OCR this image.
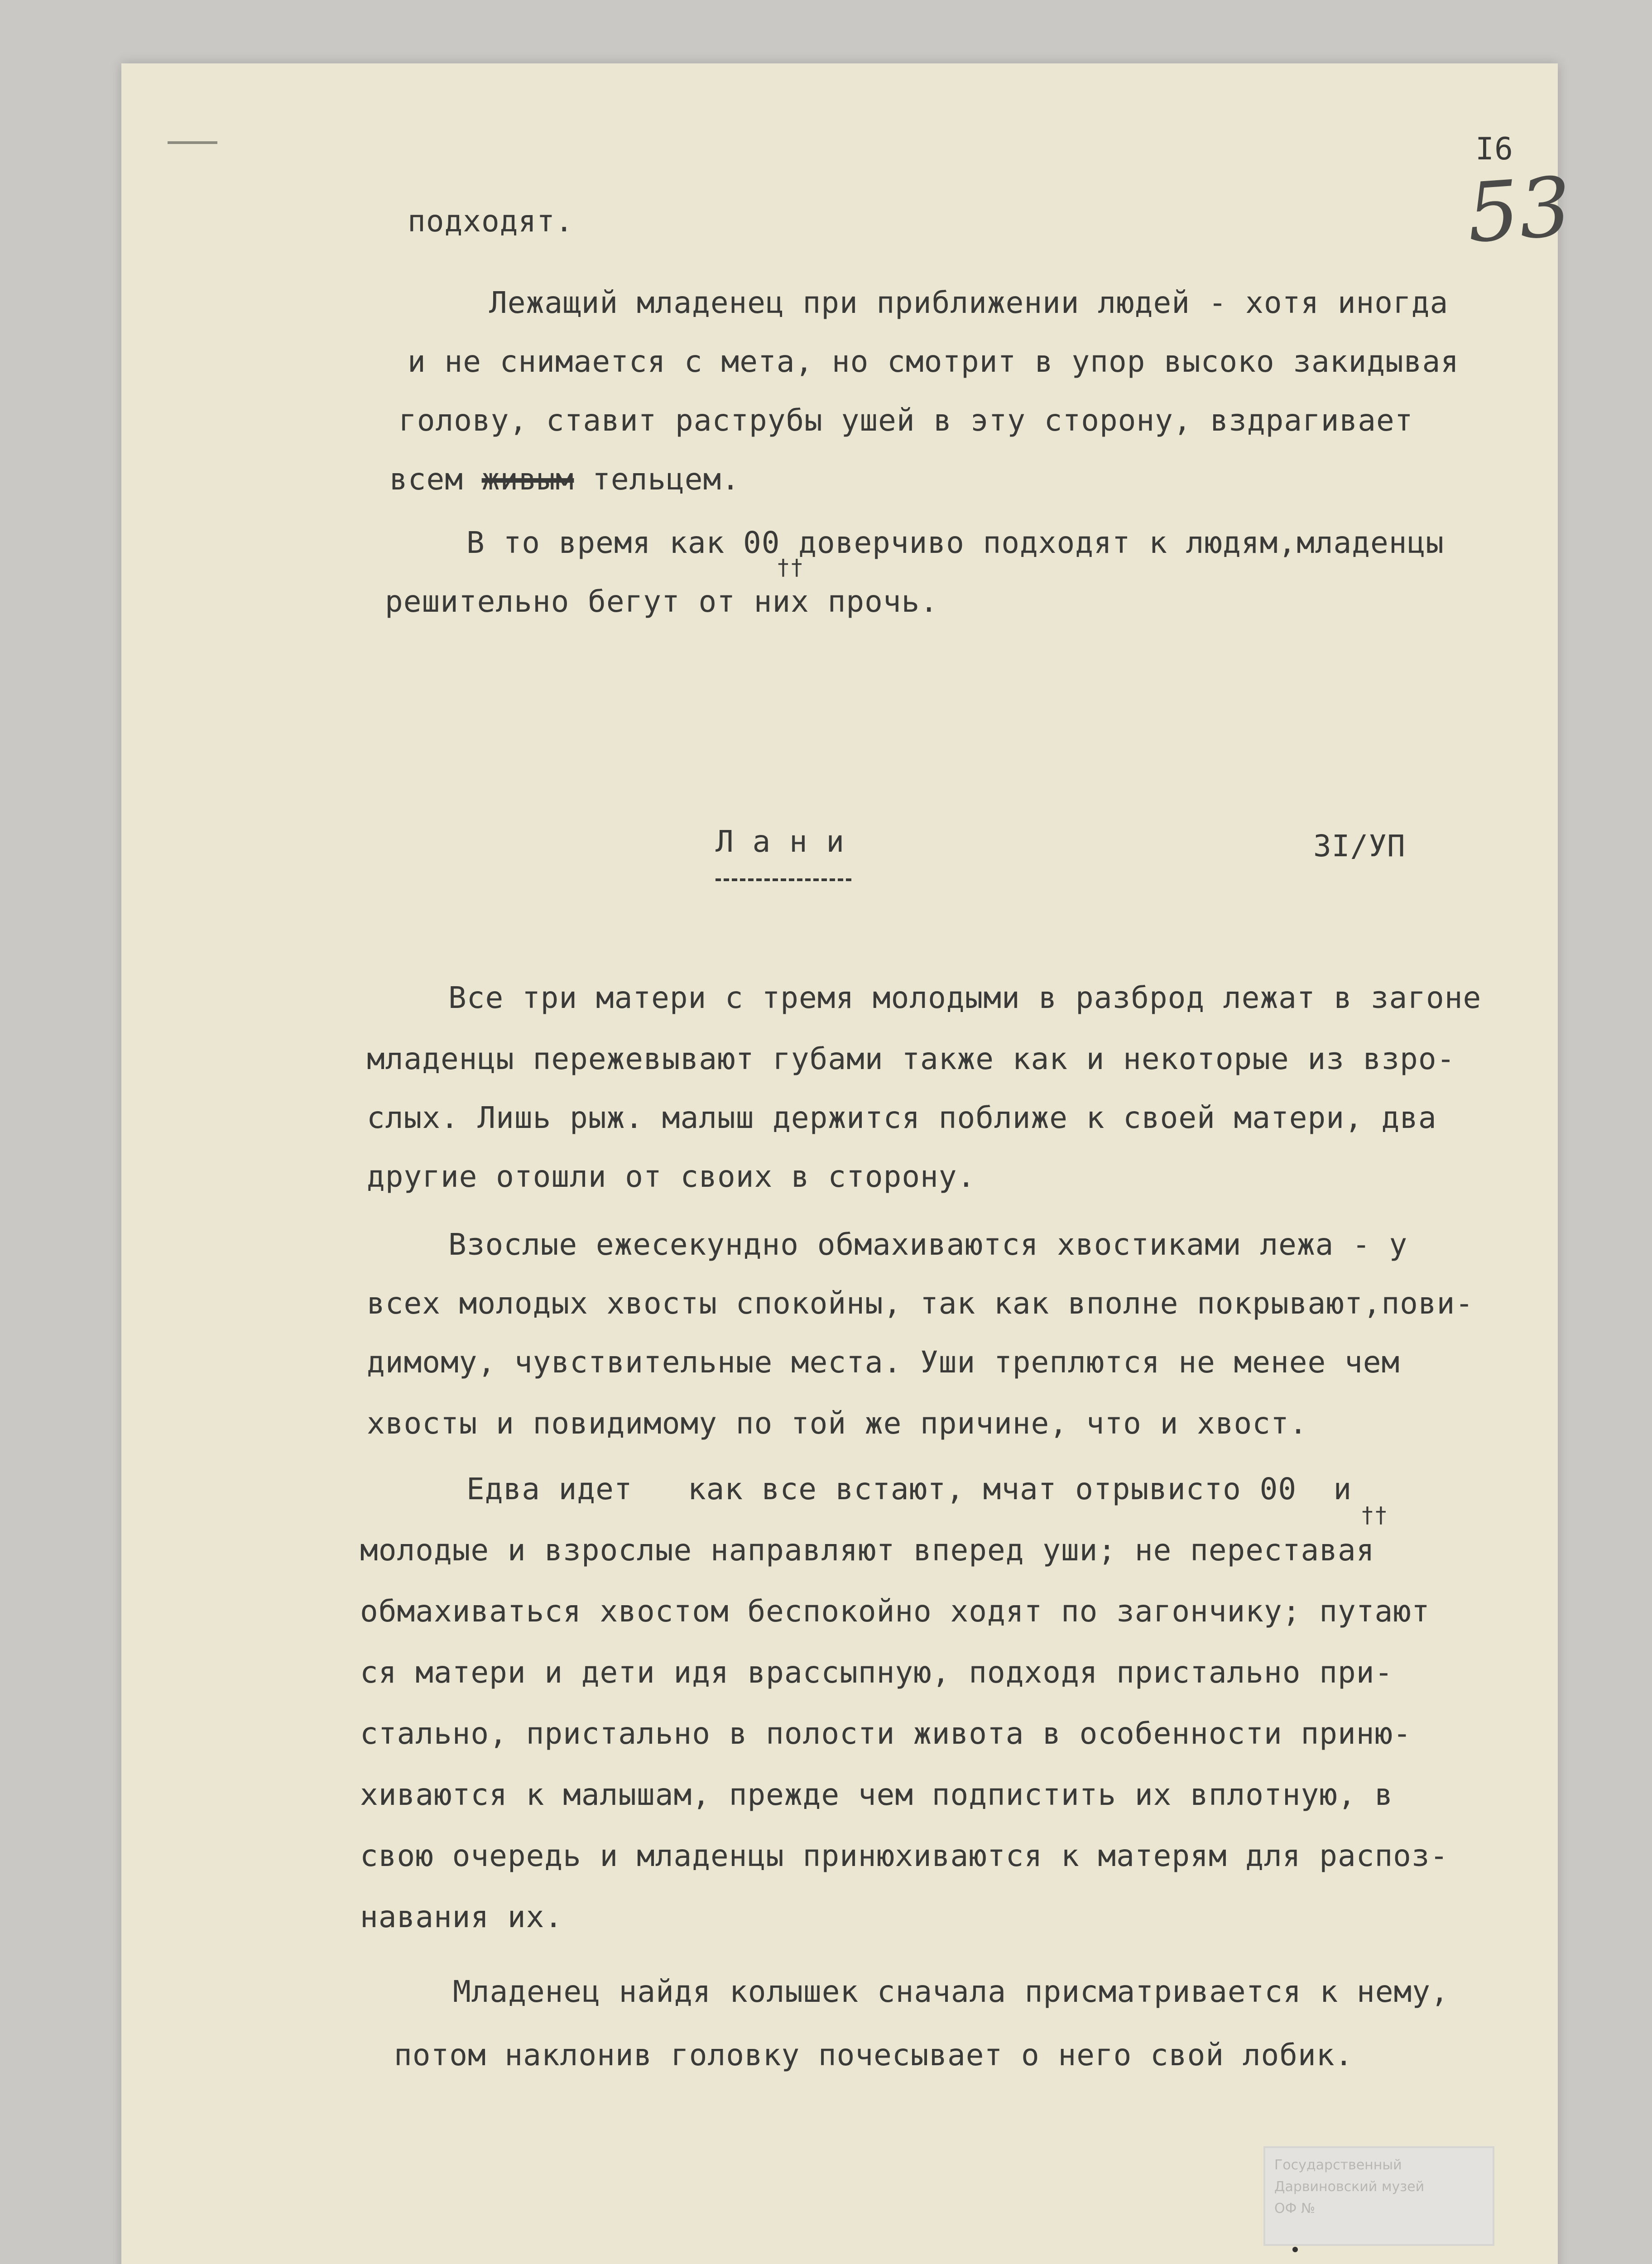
I6
53
подходят.
Лежащий младенец при приближении людей - хотя иногда
и не снимается с мета, но смотрит в упор высоко закидывая
голову, ставит раструбы ушей в эту сторону, вздрагивает
всем живым тельцем.
В то время как 00 доверчиво подходят к людям,младенцы
††
решительно бегут от них прочь.
Л а н и	3I/УП
Все три матери с тремя молодыми в разброд лежат в загоне
младенцы пережевывают губами также как и некоторые из взро-
слых. Лишь рыж. малыш держится поближе к своей матери, два
другие отошли от своих в сторону.
Взослые ежесекундно обмахиваются хвостиками лежа - у
всех молодых хвосты спокойны, так как вполне покрывают,пови-
димому, чувствительные места. Уши треплются не менее чем
хвосты и повидимому по той же причине, что и хвост.
Едва идет   как все встают, мчат отрывисто 00  и
††
молодые и взрослые направляют вперед уши; не переставая
обмахиваться хвостом беспокойно ходят по загончику; путают
ся матери и дети идя врассыпную, подходя пристально при-
стально, пристально в полости живота в особенности приню-
хиваются к малышам, прежде чем подпистить их вплотную, в
свою очередь и младенцы принюхиваются к матерям для распоз-
навания их.
Младенец найдя колышек сначала присматривается к нему,
потом наклонив головку почесывает о него свой лобик.
Государственный
Дарвиновский музей
ОФ №
